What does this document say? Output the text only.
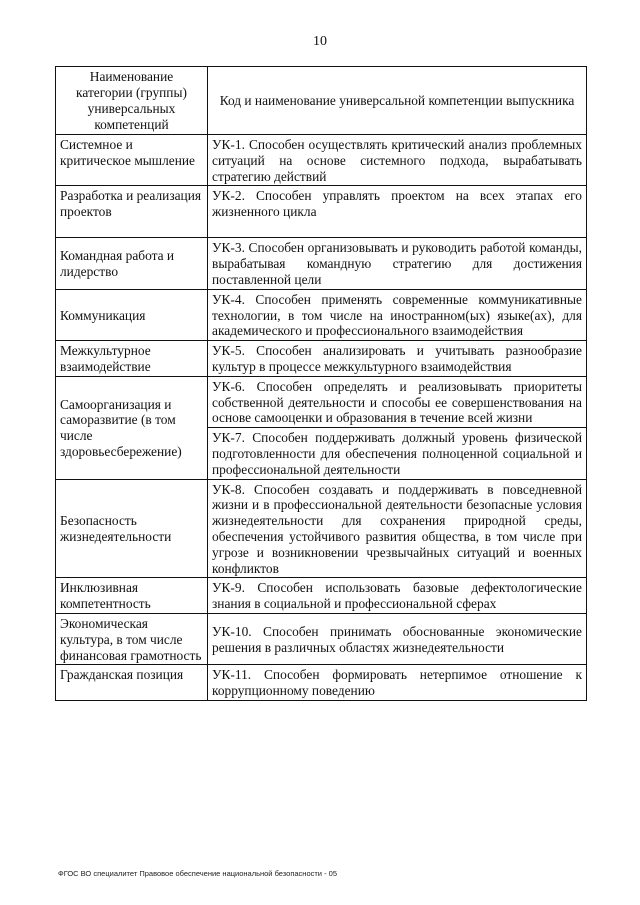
10
Наименование категории (группы) универсальных компетенций	Код и наименование универсальной компетенции выпускника
Системное и критическое мышление	УК-1. Способен осуществлять критический анализ проблемных ситуаций на основе системного подхода, вырабатывать стратегию действий

Разработка и реализация проектов	УК-2. Способен управлять проектом на всех этапах его жизненного цикла

Командная работа и лидерство	УК-3. Способен организовывать и руководить работой команды, вырабатывая командную стратегию для достижения поставленной цели

Коммуникация	УК-4. Способен применять современные коммуникативные технологии, в том числе на иностранном(ых) языке(ах), для академического и профессионального взаимодействия

Межкультурное взаимодействие	УК-5. Способен анализировать и учитывать разнообразие культур в процессе межкультурного взаимодействия

Самоорганизация и саморазвитие (в том числе здоровьесбережение)	УК-6. Способен определять и реализовывать приоритеты собственной деятельности и способы ее совершенствования на основе самооценки и образования в течение всей жизни
УК-7. Способен поддерживать должный уровень физической подготовленности для обеспечения полноценной социальной и профессиональной деятельности

Безопасность жизнедеятельности	УК-8. Способен создавать и поддерживать в повседневной жизни и в профессиональной деятельности безопасные условия жизнедеятельности для сохранения природной среды, обеспечения устойчивого развития общества, в том числе при угрозе и возникновении чрезвычайных ситуаций и военных конфликтов

Инклюзивная компетентность	УК-9. Способен использовать базовые дефектологические знания в социальной и профессиональной сферах

Экономическая культура, в том числе финансовая грамотность	УК-10. Способен принимать обоснованные экономические решения в различных областях жизнедеятельности

Гражданская позиция	УК-11. Способен формировать нетерпимое отношение к коррупционному поведению
ФГОС ВО специалитет Правовое обеспечение национальной безопасности - 05
